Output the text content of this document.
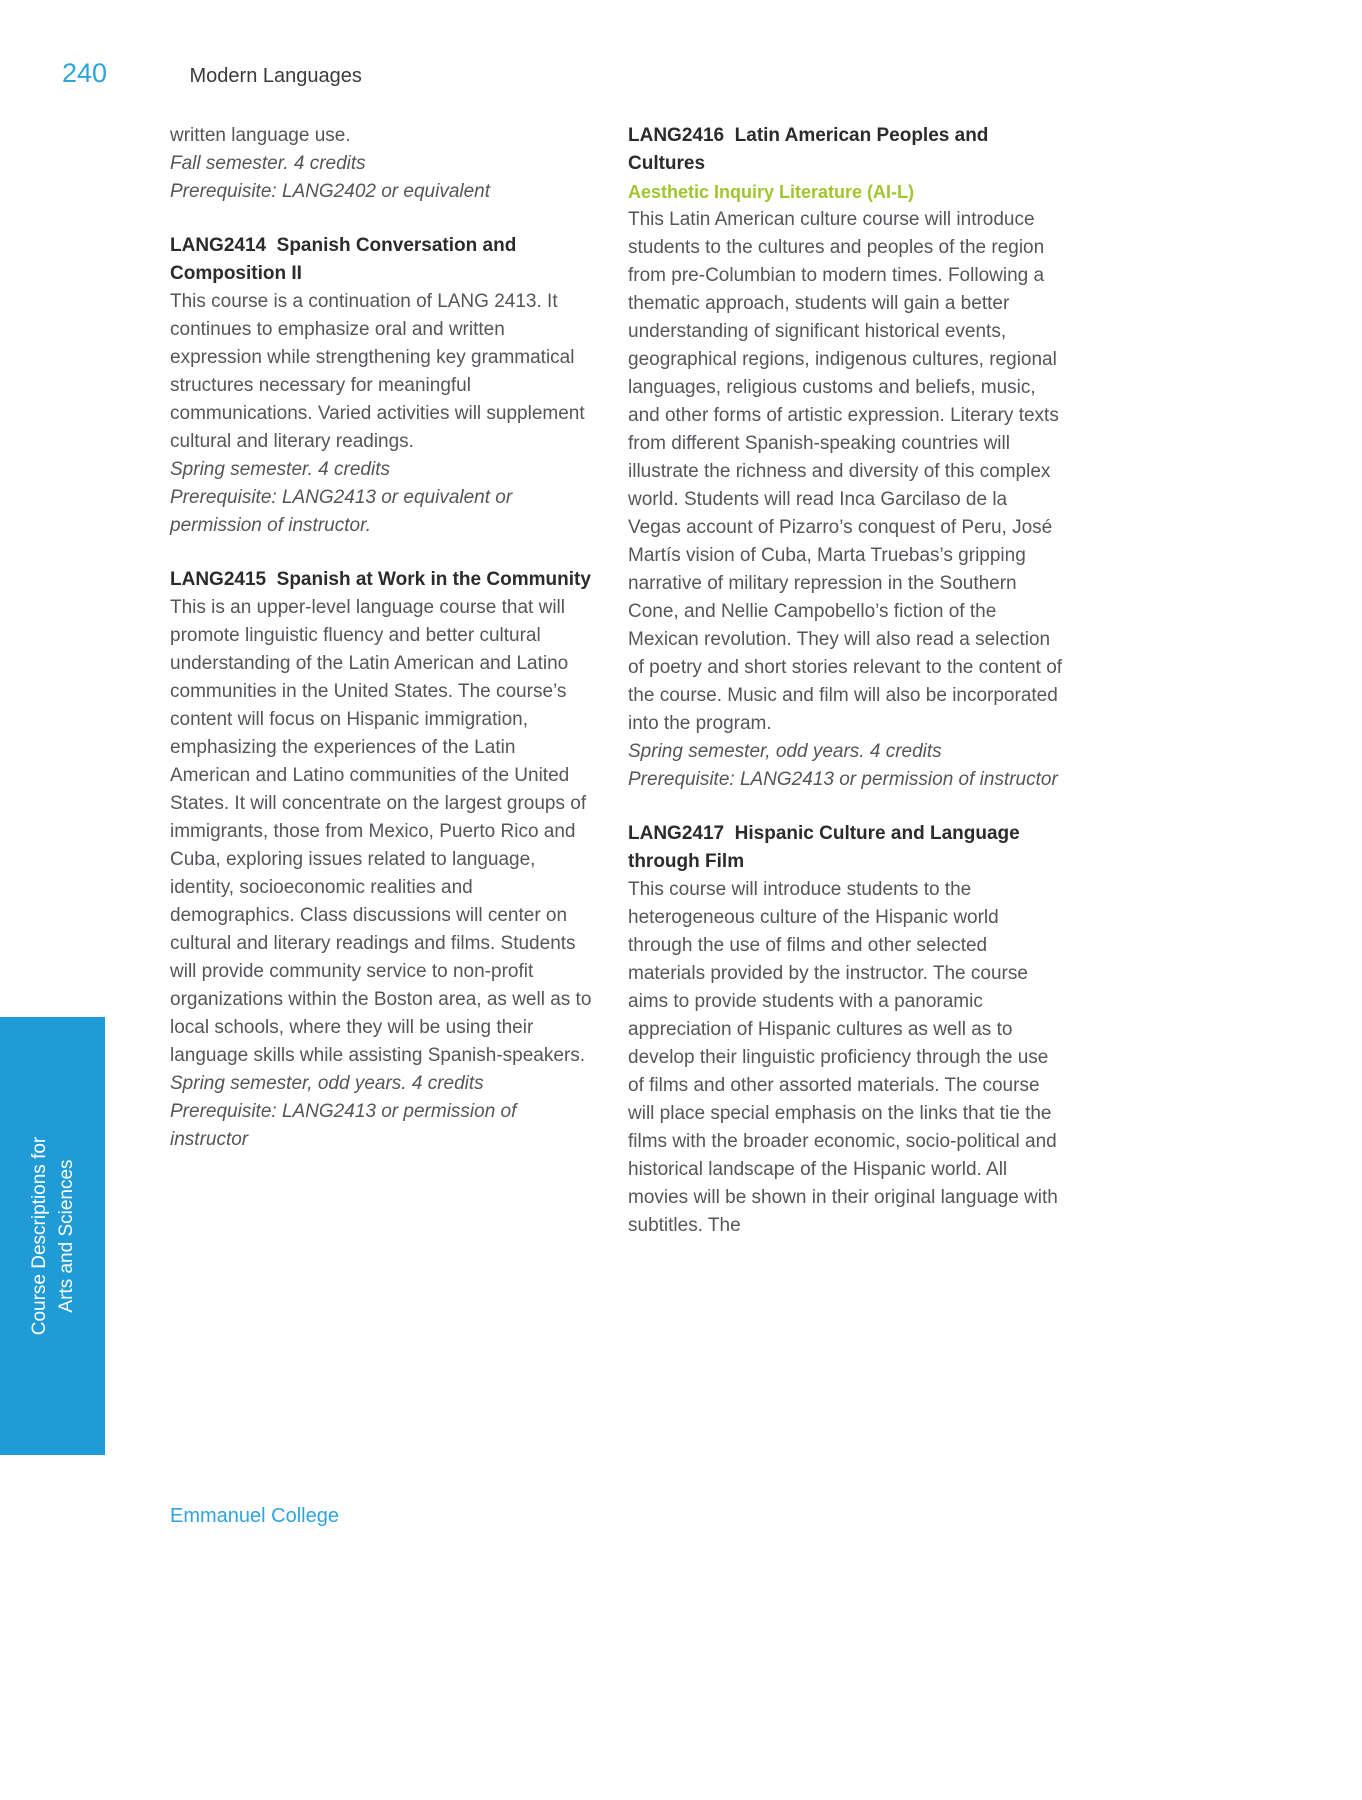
240	Modern Languages
written language use.
Fall semester. 4 credits
Prerequisite: LANG2402 or equivalent
LANG2414  Spanish Conversation and Composition II
This course is a continuation of LANG 2413. It continues to emphasize oral and written expression while strengthening key grammatical structures necessary for meaningful communications. Varied activities will supplement cultural and literary readings.
Spring semester. 4 credits
Prerequisite: LANG2413 or equivalent or permission of instructor.
LANG2415  Spanish at Work in the Community
This is an upper-level language course that will promote linguistic fluency and better cultural understanding of the Latin American and Latino communities in the United States. The course’s content will focus on Hispanic immigration, emphasizing the experiences of the Latin American and Latino communities of the United States. It will concentrate on the largest groups of immigrants, those from Mexico, Puerto Rico and Cuba, exploring issues related to language, identity, socioeconomic realities and demographics. Class discussions will center on cultural and literary readings and films. Students will provide community service to non-profit organizations within the Boston area, as well as to local schools, where they will be using their language skills while assisting Spanish-speakers.
Spring semester, odd years. 4 credits
Prerequisite: LANG2413 or permission of instructor
LANG2416  Latin American Peoples and Cultures
Aesthetic Inquiry Literature (AI-L)
This Latin American culture course will introduce students to the cultures and peoples of the region from pre-Columbian to modern times. Following a thematic approach, students will gain a better understanding of significant historical events, geographical regions, indigenous cultures, regional languages, religious customs and beliefs, music, and other forms of artistic expression. Literary texts from different Spanish-speaking countries will illustrate the richness and diversity of this complex world. Students will read Inca Garcilaso de la Vegas account of Pizarro’s conquest of Peru, José Martís vision of Cuba, Marta Truebas’s gripping narrative of military repression in the Southern Cone, and Nellie Campobello’s fiction of the Mexican revolution. They will also read a selection of poetry and short stories relevant to the content of the course. Music and film will also be incorporated into the program.
Spring semester, odd years. 4 credits
Prerequisite: LANG2413 or permission of instructor
LANG2417  Hispanic Culture and Language through Film
This course will introduce students to the heterogeneous culture of the Hispanic world through the use of films and other selected materials provided by the instructor. The course aims to provide students with a panoramic appreciation of Hispanic cultures as well as to develop their linguistic proficiency through the use of films and other assorted materials. The course will place special emphasis on the links that tie the films with the broader economic, socio-political and historical landscape of the Hispanic world. All movies will be shown in their original language with subtitles. The
Course Descriptions for Arts and Sciences
Emmanuel College
